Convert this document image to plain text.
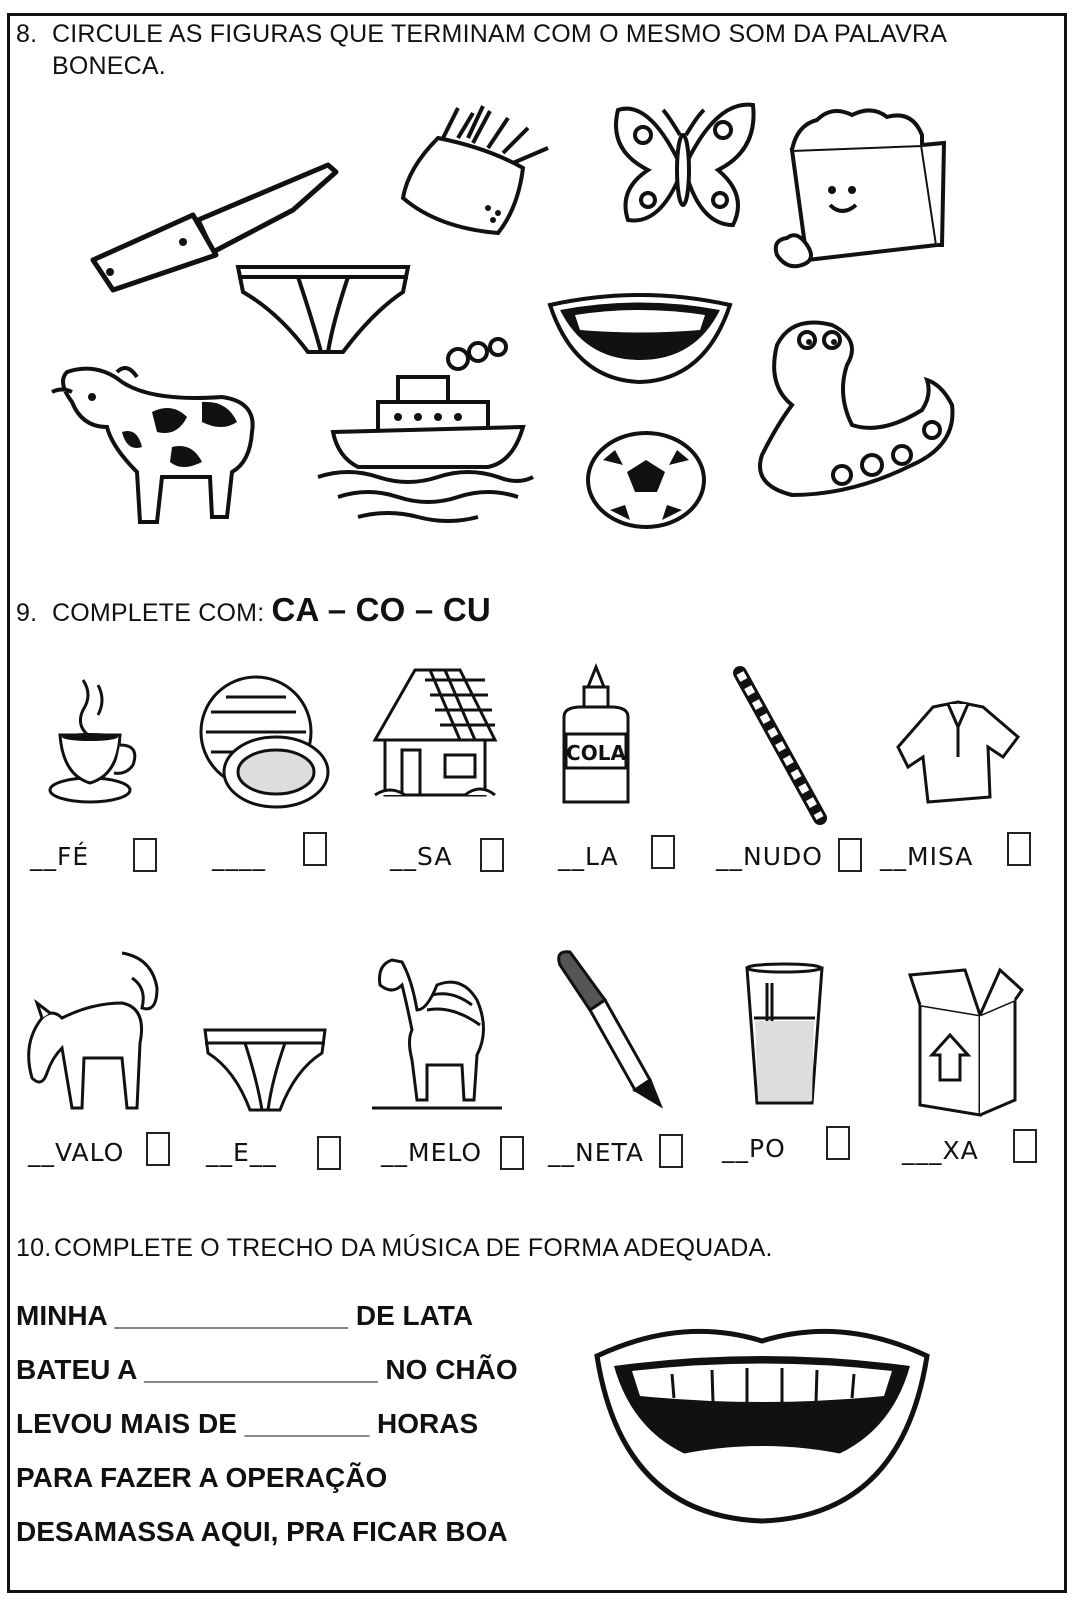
8. CIRCULE AS FIGURAS QUE TERMINAM COM O MESMO SOM DA PALAVRA
BONECA.
9. COMPLETE COM: CA – CO – CU
COLA
__FÉ	____	__SA	__LA	__NUDO __MISA
__VALO	__E__	__MELO	__NETA	__PO	___XA
10. COMPLETE O TRECHO DA MÚSICA DE FORMA ADEQUADA.
MINHA _______________ DE LATA
BATEU A _______________ NO CHÃO
LEVOU MAIS DE ________ HORAS
PARA FAZER A OPERAÇÃO
DESAMASSA AQUI, PRA FICAR BOA
